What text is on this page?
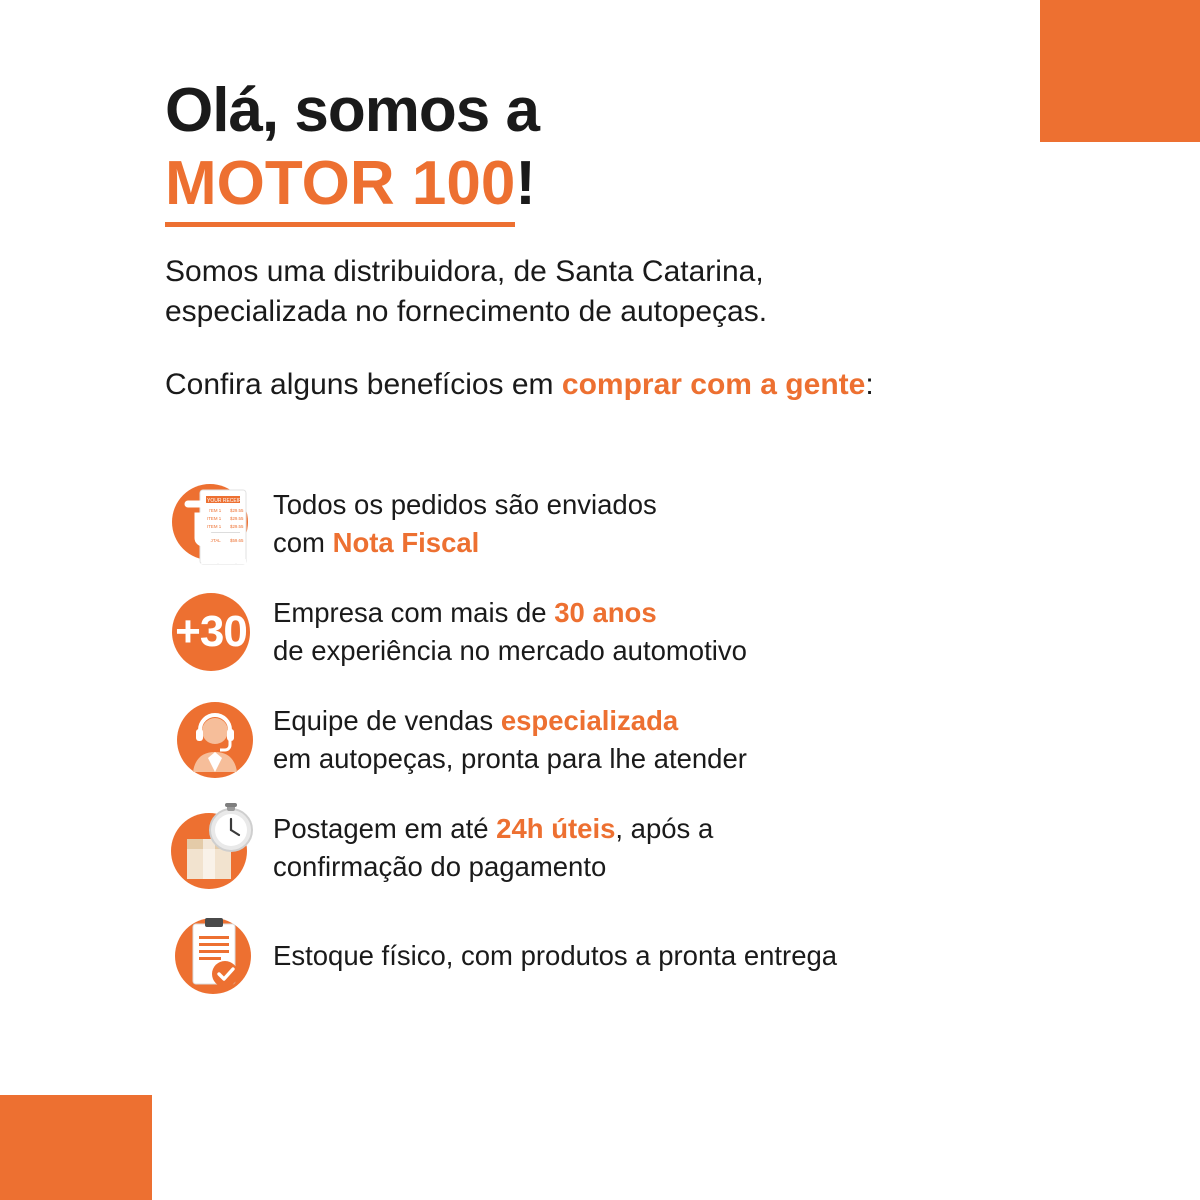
Olá, somos a
MOTOR 100!

Somos uma distribuidora, de Santa Catarina,
especializada no fornecimento de autopeças.

Confira alguns benefícios em comprar com a gente:

YOUR RECEIPT
ITEM 1 $29.55
ITEM 1 $29.55
ITEM 1 $29.55
TOTAL $59.65
Todos os pedidos são enviados
com Nota Fiscal
+30 Empresa com mais de 30 anos
de experiência no mercado automotivo
Equipe de vendas especializada
em autopeças, pronta para lhe atender
Postagem em até 24h úteis, após a
confirmação do pagamento
Estoque físico, com produtos a pronta entrega
